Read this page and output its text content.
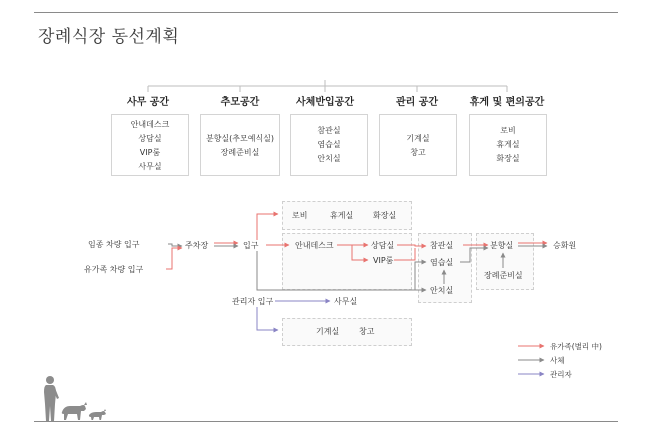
장례식장 동선계획
사무 공간	추모공간	사체반입공간	관리 공간	휴게 및 편의공간
안내데스크
상담실
VIP룸
사무실
분향실(추모예식실)
장례준비실
참관실
염습실
안치실
기계실
창고
로비
휴게실
화장실
임종 차량 입구
유가족 차량 입구
주차장	입구
로비	휴게실 화장실
안내데스크	상담실
VIP룸
참관실
염습실
안치실
분향실
장례준비실
승화원
관리자 입구	사무실
기계실 창고
유가족(별리 中)
사체
관리자
